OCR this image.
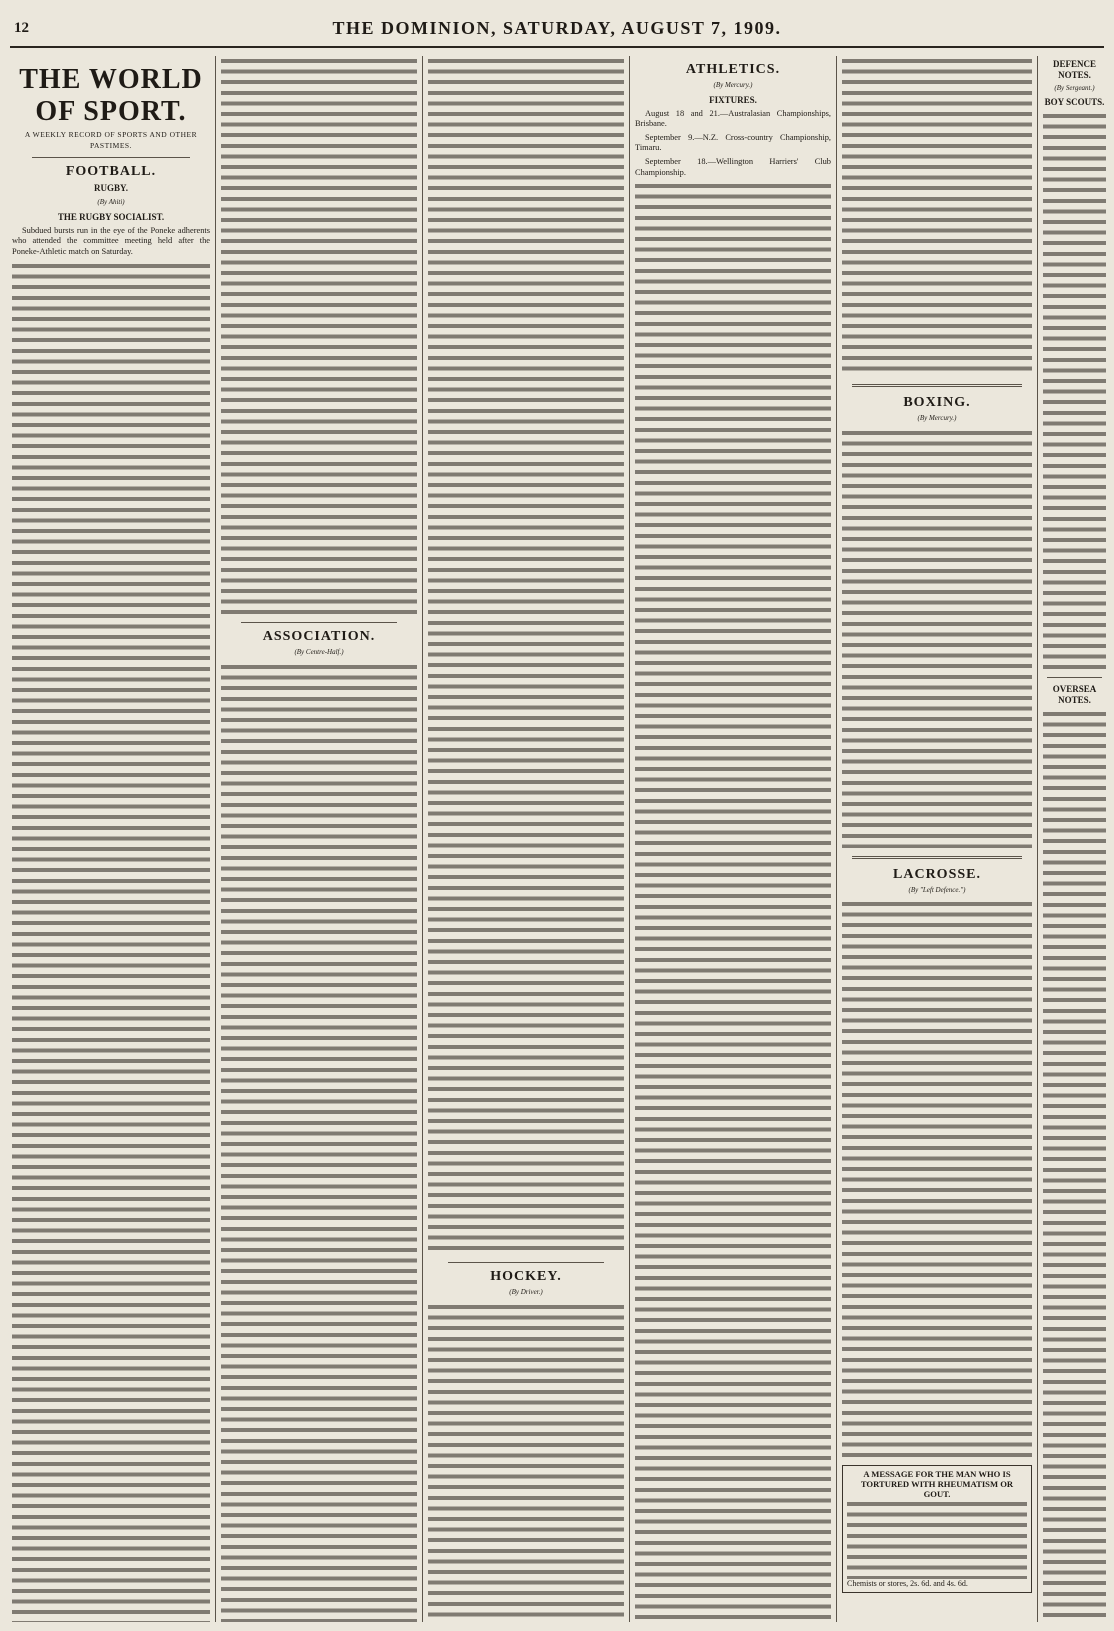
12	THE DOMINION, SATURDAY, AUGUST 7, 1909.
THE WORLD OF SPORT.
A WEEKLY RECORD OF SPORTS AND OTHER PASTIMES.
FOOTBALL.
RUGBY.
(By Ahiti)
THE RUGBY SOCIALIST.

Subdued bursts run in the eye of the Poneke adherents who attended the committee meeting held after the Poneke-Athletic match on Saturday.

ASSOCIATION.
(By Centre-Half.)
HOCKEY.
(By Driver.)
ATHLETICS.
(By Mercury.)
FIXTURES.

August 18 and 21.—Australasian Championships, Brisbane.

September 9.—N.Z. Cross-country Championship, Timaru.

September 18.—Wellington Harriers' Club Championship.

BOXING.
(By Mercury.)
LACROSSE.
(By "Left Defence.")
A MESSAGE FOR THE MAN WHO IS TORTURED WITH RHEUMATISM OR GOUT.
Chemists or stores, 2s. 6d. and 4s. 6d.
DEFENCE NOTES.
(By Sergeant.)
BOY SCOUTS.
OVERSEA NOTES.
